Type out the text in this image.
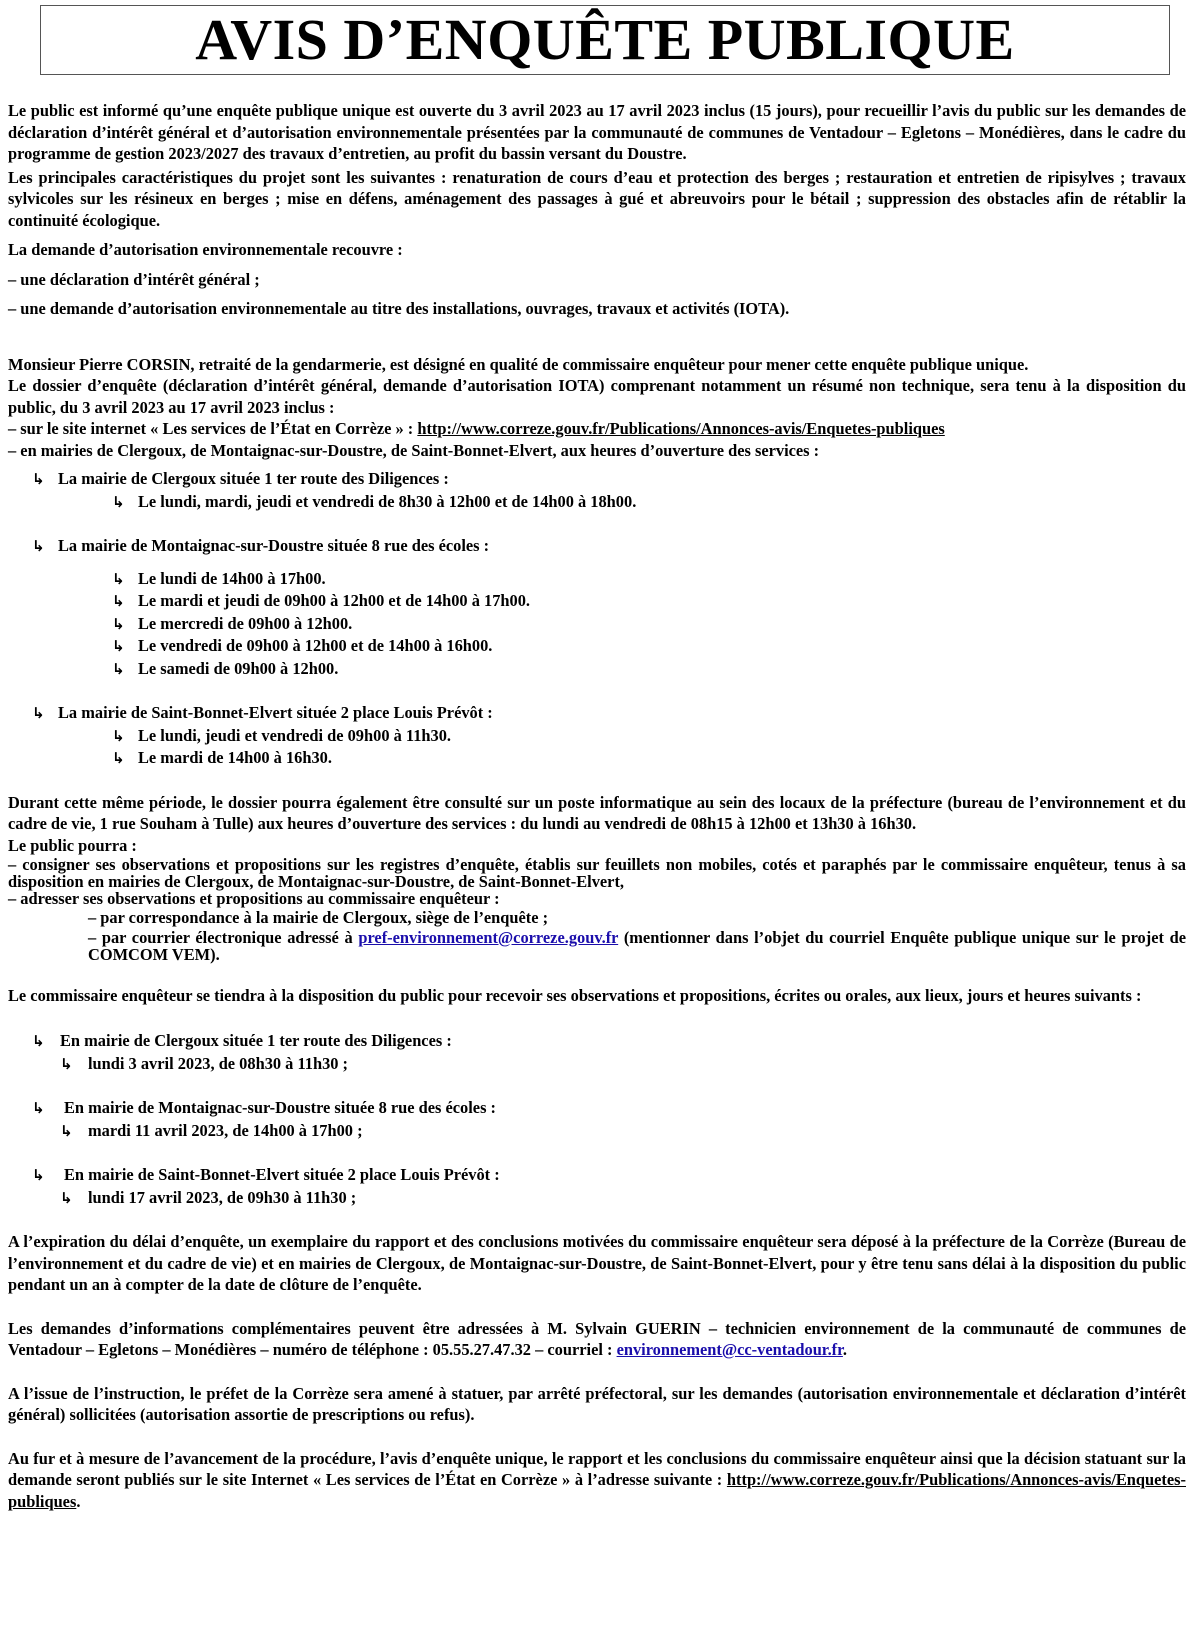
AVIS D’ENQUÊTE PUBLIQUE

Le public est informé qu’une enquête publique unique est ouverte du 3 avril 2023 au 17 avril 2023 inclus (15 jours), pour recueillir l’avis du public sur les demandes de déclaration d’intérêt général et d’autorisation environnementale présentées par la communauté de communes de Ventadour – Egletons – Monédières, dans le cadre du programme de gestion 2023/2027 des travaux d’entretien, au profit du bassin versant du Doustre.

Les principales caractéristiques du projet sont les suivantes : renaturation de cours d’eau et protection des berges ; restauration et entretien de ripisylves ; travaux sylvicoles sur les résineux en berges ; mise en défens, aménagement des passages à gué et abreuvoirs pour le bétail ; suppression des obstacles afin de rétablir la continuité écologique.

La demande d’autorisation environnementale recouvre :

– une déclaration d’intérêt général ;

– une demande d’autorisation environnementale au titre des installations, ouvrages, travaux et activités (IOTA).

Monsieur Pierre CORSIN, retraité de la gendarmerie, est désigné en qualité de commissaire enquêteur pour mener cette enquête publique unique.

Le dossier d’enquête (déclaration d’intérêt général, demande d’autorisation IOTA) comprenant notamment un résumé non technique, sera tenu à la disposition du public, du 3 avril 2023 au 17 avril 2023 inclus :

– sur le site internet « Les services de l’État en Corrèze » : http://www.correze.gouv.fr/Publications/Annonces-avis/Enquetes-publiques

– en mairies de Clergoux, de Montaignac-sur-Doustre, de Saint-Bonnet-Elvert, aux heures d’ouverture des services :

↳ La mairie de Clergoux située 1 ter route des Diligences :
↳ Le lundi, mardi, jeudi et vendredi de 8h30 à 12h00 et de 14h00 à 18h00.
↳ La mairie de Montaignac-sur-Doustre située 8 rue des écoles :
↳ Le lundi de 14h00 à 17h00.
↳ Le mardi et jeudi de 09h00 à 12h00 et de 14h00 à 17h00.
↳ Le mercredi de 09h00 à 12h00.
↳ Le vendredi de 09h00 à 12h00 et de 14h00 à 16h00.
↳ Le samedi de 09h00 à 12h00.
↳ La mairie de Saint-Bonnet-Elvert située 2 place Louis Prévôt :
↳ Le lundi, jeudi et vendredi de 09h00 à 11h30.
↳ Le mardi de 14h00 à 16h30.

Durant cette même période, le dossier pourra également être consulté sur un poste informatique au sein des locaux de la préfecture (bureau de l’environnement et du cadre de vie, 1 rue Souham à Tulle) aux heures d’ouverture des services : du lundi au vendredi de 08h15 à 12h00 et 13h30 à 16h30.

Le public pourra :

– consigner ses observations et propositions sur les registres d’enquête, établis sur feuillets non mobiles, cotés et paraphés par le commissaire enquêteur, tenus à sa disposition en mairies de Clergoux, de Montaignac-sur-Doustre, de Saint-Bonnet-Elvert,

– adresser ses observations et propositions au commissaire enquêteur :

– par correspondance à la mairie de Clergoux, siège de l’enquête ;

– par courrier électronique adressé à pref-environnement@correze.gouv.fr (mentionner dans l’objet du courriel Enquête publique unique sur le projet de COMCOM VEM).

Le commissaire enquêteur se tiendra à la disposition du public pour recevoir ses observations et propositions, écrites ou orales, aux lieux, jours et heures suivants :

↳ En mairie de Clergoux située 1 ter route des Diligences :
↳ lundi 3 avril 2023, de 08h30 à 11h30 ;
↳	En mairie de Montaignac-sur-Doustre située 8 rue des écoles :
↳ mardi 11 avril 2023, de 14h00 à 17h00 ;
↳	En mairie de Saint-Bonnet-Elvert située 2 place Louis Prévôt :
↳ lundi 17 avril 2023, de 09h30 à 11h30 ;

A l’expiration du délai d’enquête, un exemplaire du rapport et des conclusions motivées du commissaire enquêteur sera déposé à la préfecture de la Corrèze (Bureau de l’environnement et du cadre de vie) et en mairies de Clergoux, de Montaignac-sur-Doustre, de Saint-Bonnet-Elvert, pour y être tenu sans délai à la disposition du public pendant un an à compter de la date de clôture de l’enquête.

Les demandes d’informations complémentaires peuvent être adressées à M. Sylvain GUERIN – technicien environnement de la communauté de communes de Ventadour – Egletons – Monédières – numéro de téléphone : 05.55.27.47.32 – courriel : environnement@cc-ventadour.fr.

A l’issue de l’instruction, le préfet de la Corrèze sera amené à statuer, par arrêté préfectoral, sur les demandes (autorisation environnementale et déclaration d’intérêt général) sollicitées (autorisation assortie de prescriptions ou refus).

Au fur et à mesure de l’avancement de la procédure, l’avis d’enquête unique, le rapport et les conclusions du commissaire enquêteur ainsi que la décision statuant sur la demande seront publiés sur le site Internet « Les services de l’État en Corrèze » à l’adresse suivante : http://www.correze.gouv.fr/Publications/Annonces-avis/Enquetes-publiques.
